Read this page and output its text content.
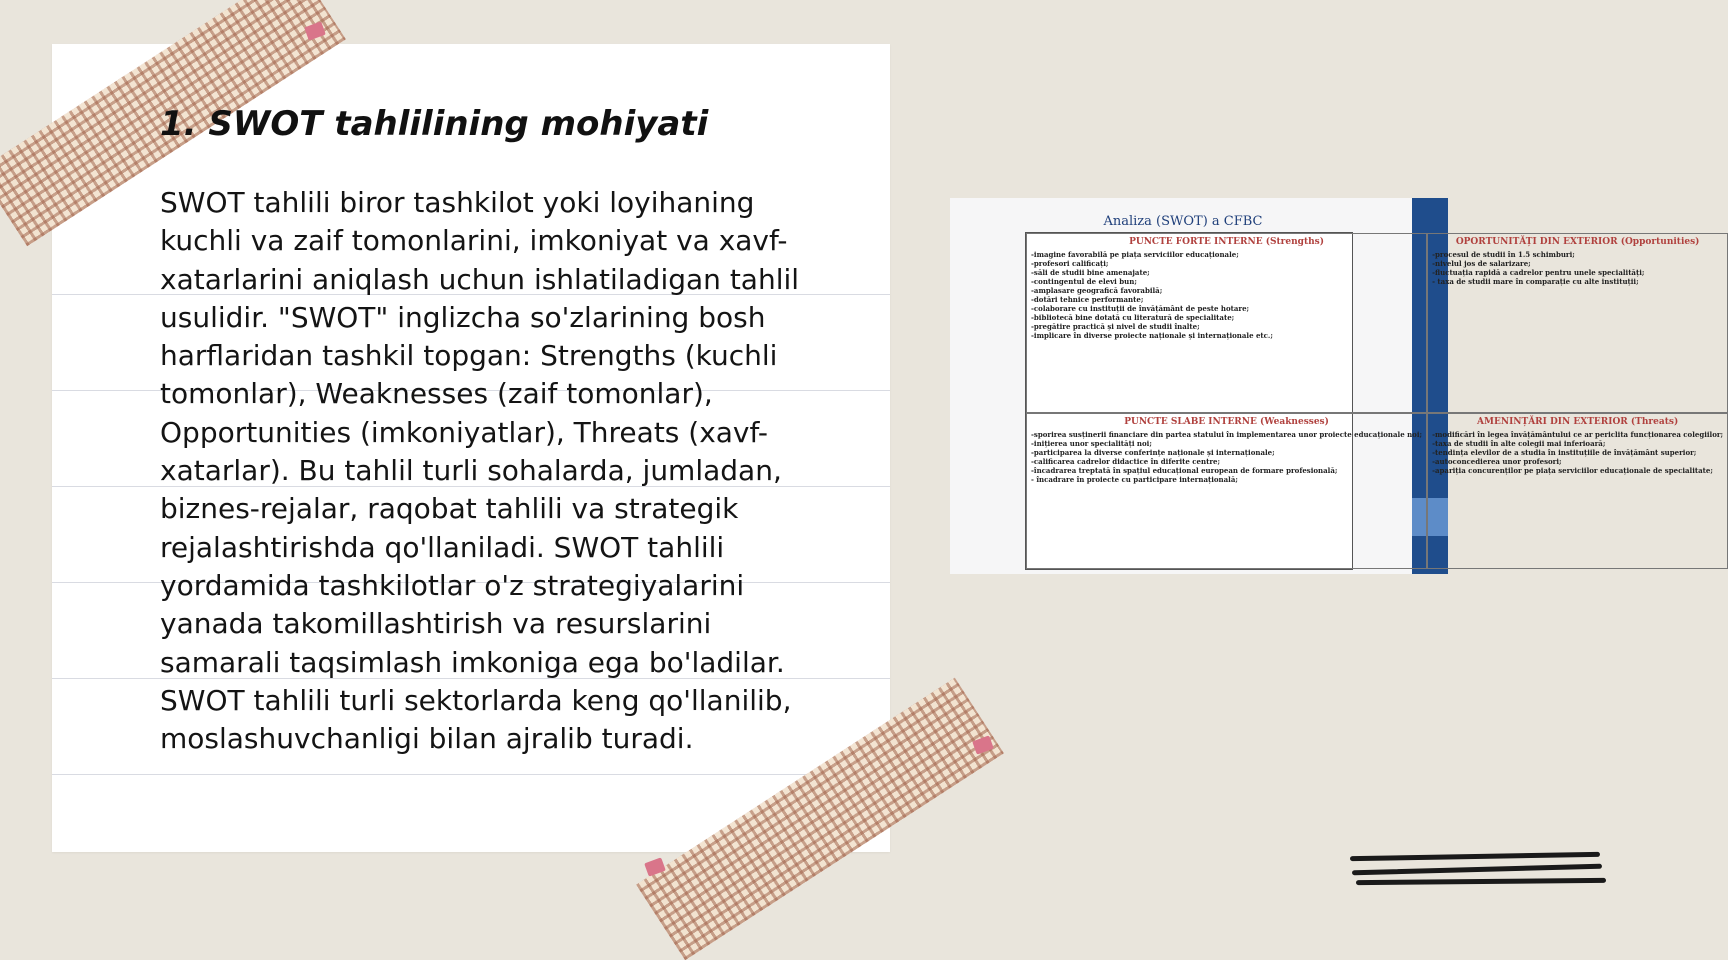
1. SWOT tahlilining mohiyati

SWOT tahlili biror tashkilot yoki loyihaning kuchli va zaif tomonlarini, imkoniyat va xavf-xatarlarini aniqlash uchun ishlatiladigan tahlil usulidir. "SWOT" inglizcha so'zlarining bosh harflaridan tashkil topgan: Strengths (kuchli tomonlar), Weaknesses (zaif tomonlar), Opportunities (imkoniyatlar), Threats (xavf-xatarlar). Bu tahlil turli sohalarda, jumladan, biznes-rejalar, raqobat tahlili va strategik rejalashtirishda qo'llaniladi. SWOT tahlili yordamida tashkilotlar o'z strategiyalarini yanada takomillashtirish va resurslarini samarali taqsimlash imkoniga ega bo'ladilar. SWOT tahlili turli sektorlarda keng qo'llanilib, moslashuvchanligi bilan ajralib turadi.

Analiza (SWOT) a CFBC

PUNCTE FORTE INTERNE (Strengths)

-imagine favorabilă pe piața serviciilor educaționale;

-profesori calificați;

-săli de studii bine amenajate;

-contingentul de elevi bun;

-amplasare geografică favorabilă;

-dotări tehnice performante;

-colaborare cu instituții de învățământ de peste hotare;

-bibliotecă bine dotată cu literatură de specialitate;

-pregătire practică și nivel de studii înalte;

-implicare în diverse proiecte naționale și internaționale etc.;

OPORTUNITĂȚI DIN EXTERIOR (Opportunities)

-procesul de studii în 1.5 schimburi;

-nivelul jos de salarizare;

-fluctuația rapidă a cadrelor pentru unele specialități;

- taxa de studii mare în comparație cu alte instituții;

PUNCTE SLABE INTERNE (Weaknesses)

-sporirea susținerii financiare din partea statului în implementarea unor proiecte educaționale noi;

-inițierea unor specialități noi;

-participarea la diverse conferințe naționale și internaționale;

-calificarea cadrelor didactice în diferite centre;

-încadrarea treptată în spațiul educațional european de formare profesională;

- încadrare în proiecte cu participare internațională;

AMENINȚĂRI DIN EXTERIOR (Threats)

-modificări în legea învățământului ce ar periclita funcționarea colegiilor;

-taxa de studii în alte colegii mai inferioară;

-tendința elevilor de a studia în instituțiile de învățământ superior;

-autoconcedierea unor profesori;

-apariția concurenților pe piața serviciilor educaționale de specialitate;
